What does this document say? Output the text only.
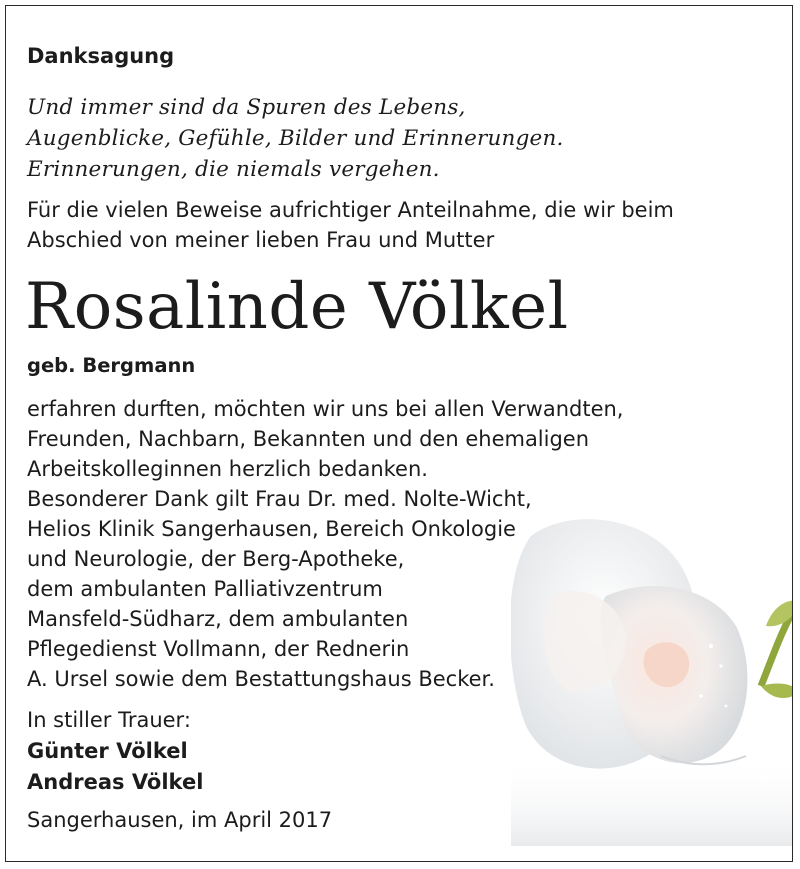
Danksagung
Und immer sind da Spuren des Lebens,
Augenblicke, Gefühle, Bilder und Erinnerungen.
Erinnerungen, die niemals vergehen.
Für die vielen Beweise aufrichtiger Anteilnahme, die wir beim
Abschied von meiner lieben Frau und Mutter
Rosalinde Völkel
geb. Bergmann
erfahren durften, möchten wir uns bei allen Verwandten,
Freunden, Nachbarn, Bekannten und den ehemaligen
Arbeitskolleginnen herzlich bedanken.
Besonderer Dank gilt Frau Dr. med. Nolte-Wicht,
Helios Klinik Sangerhausen, Bereich Onkologie
und Neurologie, der Berg-Apotheke,
dem ambulanten Palliativzentrum
Mansfeld-Südharz, dem ambulanten
Pflegedienst Vollmann, der Rednerin
A. Ursel sowie dem Bestattungshaus Becker.
In stiller Trauer:
Günter Völkel
Andreas Völkel
Sangerhausen, im April 2017
